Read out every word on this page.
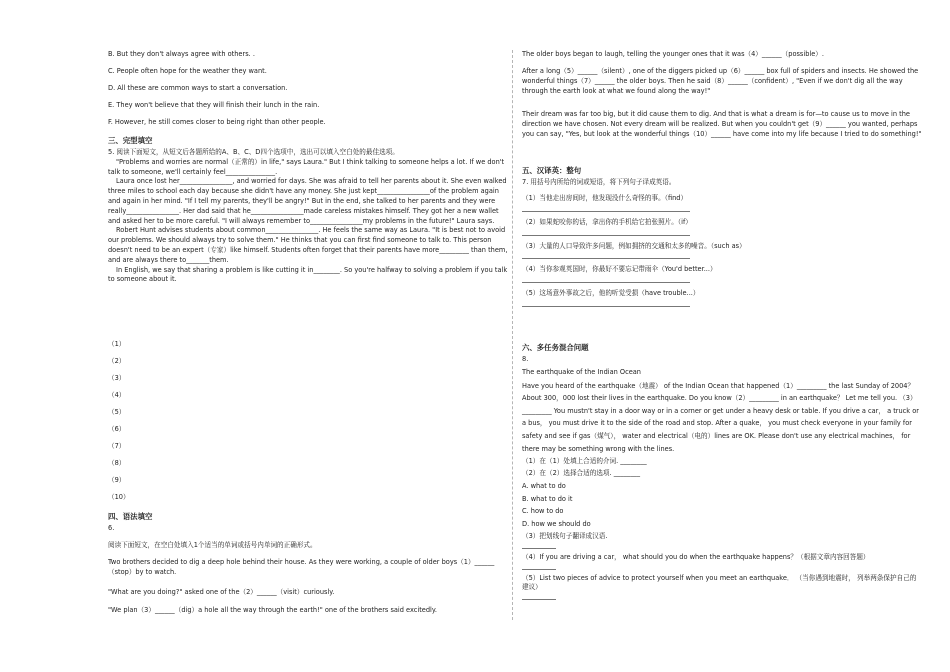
B. But they don't always agree with others. .

C. People often hope for the weather they want.

D. All these are common ways to start a conversation.

E. They won't believe that they will finish their lunch in the rain.

F. However, he still comes closer to being right than other people.

三、完型填空

5. 阅读下面短文，从短文后各题所给的A、B、C、D四个选项中，选出可以填入空白处的最佳选项。

"Problems and worries are normal（正常的）in life," says Laura." But I think talking to someone helps a lot. If we don't talk to someone, we'll certainly feel_______________.

Laura once lost her________________, and worried for days. She was afraid to tell her parents about it. She even walked three miles to school each day because she didn't have any money. She just kept________________of the problem again and again in her mind. "If I tell my parents, they'll be angry!" But in the end, she talked to her parents and they were really________________. Her dad said that he________________made careless mistakes himself. They got her a new wallet and asked her to be more careful. "I will always remember to________________my problems in the future!" Laura says.

Robert Hunt advises students about common________________. He feels the same way as Laura. "It is best not to avoid our problems. We should always try to solve them." He thinks that you can first find someone to talk to. This person doesn't need to be an expert（专家）like himself. Students often forget that their parents have more_________ than them, and are always there to_______them.

In English, we say that sharing a problem is like cutting it in________. So you're halfway to solving a problem if you talk to someone about it.

（1）

（2）

（3）

（4）

（5）

（6）

（7）

（8）

（9）

（10）

四、语法填空

6.

阅读下面短文，在空白处填入1个适当的单词或括号内单词的正确形式。

Two brothers decided to dig a deep hole behind their house. As they were working, a couple of older boys（1）______（stop）by to watch.

"What are you doing?" asked one of the（2）______（visit）curiously.

"We plan（3）______（dig）a hole all the way through the earth!" one of the brothers said excitedly.

The older boys began to laugh, telling the younger ones that it was（4）______（possible）.

After a long（5）______（silent）, one of the diggers picked up（6）______ box full of spiders and insects. He showed the wonderful things（7）______ the older boys. Then he said（8）______（confident）, "Even if we don't dig all the way through the earth look at what we found along the way!"

Their dream was far too big, but it did cause them to dig. And that is what a dream is for—to cause us to move in the direction we have chosen. Not every dream will be realized. But when you couldn't get（9）______ you wanted, perhaps you can say, "Yes, but look at the wonderful things（10）______ have come into my life because I tried to do something!"

五、汉译英：整句

7. 用括号内所给的词或短语，将下列句子译成英语。

（1）当他走出房间时，他发现没什么奇怪的事。（find）

（2）如果蛇咬你的话，拿出你的手机给它拍张照片。（if）

（3）大量的人口导致许多问题，例如拥挤的交通和太多的噪音。（such as）

（4）当你参观英国时，你最好不要忘记带雨伞（You'd better...）

（5）这场意外事故之后，他的听觉受损（have trouble...）

六、多任务混合问题

8.

The earthquake of the Indian Ocean

Have you heard of the earthquake（地震） of the Indian Ocean that happened（1）_________ the last Sunday of 2004？ About 300，000 lost their lives in the earthquake. Do you know（2）_________ in an earthquake？ Let me tell you. （3）_________ You mustn't stay in a door way or in a corner or get under a heavy desk or table. If you drive a car， a truck or a bus， you must drive it to the side of the road and stop. After a quake， you must check everyone in your family for safety and see if gas（煤气）， water and electrical（电的）lines are OK. Please don't use any electrical machines， for there may be something wrong with the lines.

（1）在（1）处填上合适的介词. ________

（2）在（2）选择合适的选项. ________

A. what to do

B. what to do it

C. how to do

D. how we should do

（3）把划线句子翻译成汉语.

（4）If you are driving a car， what should you do when the earthquake happens？（根据文章内容回答题）

（5）List two pieces of advice to protect yourself when you meet an earthquake． （当你遇到地震时， 列举两条保护自己的建议）
